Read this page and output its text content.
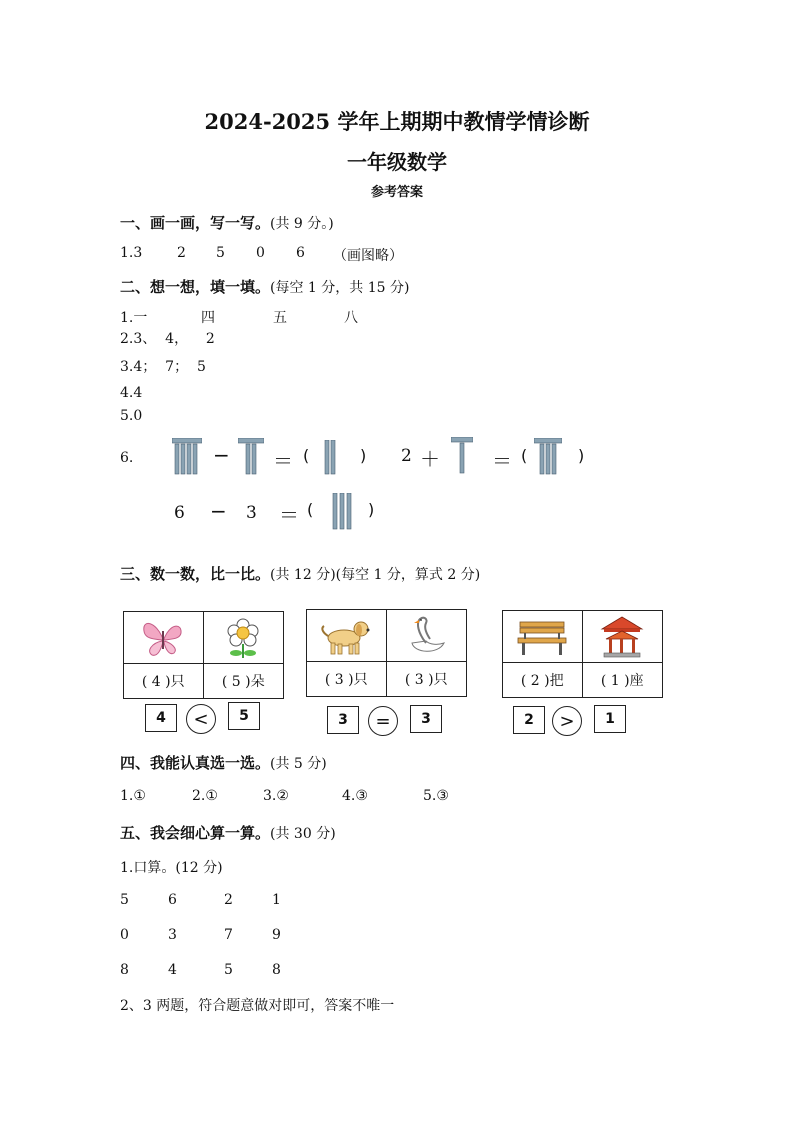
2024-2025 学年上期期中教情学情诊断
一年级数学
参考答案
一、画一画，写一写。(共 9 分。)
1.3 2 5 0 6 （画图略）
二、想一想，填一填。(每空 1 分，共 15 分)
1.一	四	五	八
2.3、  4，    2
3.4；  7；  5
4.4
5.0
6.	− ＝ (	) 2 ＋	＝ (	)
6 − 3 ＝ (	)
三、数一数，比一比。(共 12 分)(每空 1 分，算式 2 分)
( 4 )只	( 5 )朵
4	<	5
( 3 )只	( 3 )只
3	=	3
( 2 )把	( 1 )座
2	>	1
四、我能认真选一选。(共 5 分)
1.①	2.①	3.②	4.③	5.③
五、我会细心算一算。(共 30 分)
1.口算。(12 分)
5	6	2	1
0	3	7	9
8	4	5	8
2、3 两题，符合题意做对即可，答案不唯一
